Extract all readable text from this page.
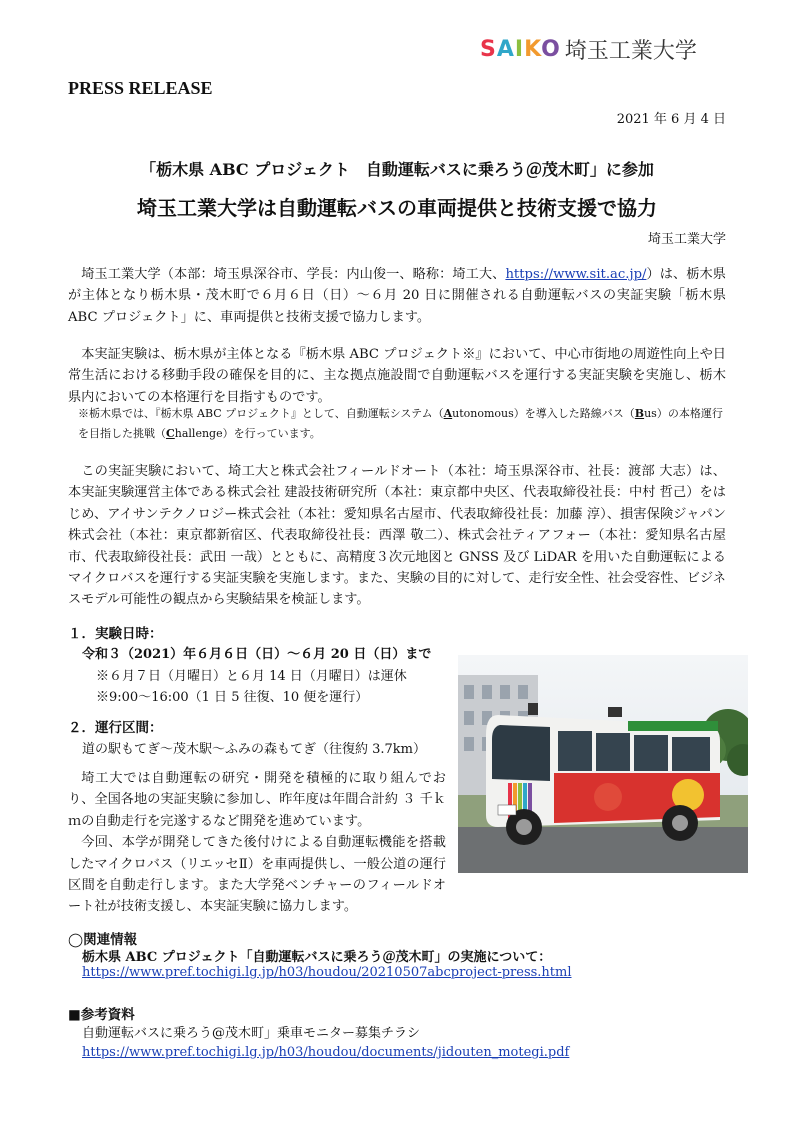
SAIKO 埼玉工業大学
PRESS RELEASE
2021 年 6 月 4 日
「栃木県 ABC プロジェクト　自動運転バスに乗ろう＠茂木町」に参加
埼玉工業大学は自動運転バスの車両提供と技術支援で協力
埼玉工業大学

埼玉工業大学（本部：埼玉県深谷市、学長：内山俊一、略称：埼工大、https://www.sit.ac.jp/）は、栃木県が主体となり栃木県・茂木町で６月６日（日）～６月 20 日に開催される自動運転バスの実証実験「栃木県 ABC プロジェクト」に、車両提供と技術支援で協力します。

本実証実験は、栃木県が主体となる『栃木県 ABC プロジェクト※』において、中心市街地の周遊性向上や日常生活における移動手段の確保を目的に、主な拠点施設間で自動運転バスを運行する実証実験を実施し、栃木県内においての本格運行を目指すものです。

※栃木県では、『栃木県 ABC プロジェクト』として、自動運転システム（Autonomous）を導入した路線バス（Bus）の本格運行を目指した挑戦（Challenge）を行っています。

この実証実験において、埼工大と株式会社フィールドオート（本社：埼玉県深谷市、社長：渡部 大志）は、本実証実験運営主体である株式会社 建設技術研究所（本社：東京都中央区、代表取締役社長：中村 哲己）をはじめ、アイサンテクノロジー株式会社（本社：愛知県名古屋市、代表取締役社長：加藤 淳）、損害保険ジャパン株式会社（本社：東京都新宿区、代表取締役社長：西澤 敬二）、株式会社ティアフォー（本社：愛知県名古屋市、代表取締役社長：武田 一哉）とともに、高精度３次元地図と GNSS 及び LiDAR を用いた自動運転によるマイクロバスを運行する実証実験を実施します。また、実験の目的に対して、走行安全性、社会受容性、ビジネスモデル可能性の観点から実験結果を検証します。

１．実験日時：
令和３（2021）年６月６日（日）～６月 20 日（日）まで
※６月７日（月曜日）と６月 14 日（月曜日）は運休
※9:00～16:00（1 日 5 往復、10 便を運行）
２．運行区間：
道の駅もてぎ～茂木駅～ふみの森もてぎ（往復約 3.7km）

埼工大では自動運転の研究・開発を積極的に取り組んでおり、全国各地の実証実験に参加し、昨年度は年間合計約 ３ 千ｋｍの自動走行を完遂するなど開発を進めています。

今回、本学が開発してきた後付けによる自動運転機能を搭載したマイクロバス（リエッセⅡ）を車両提供し、一般公道の運行区間を自動走行します。また大学発ベンチャーのフィールドオート社が技術支援し、本実証実験に協力します。

◯関連情報
栃木県 ABC プロジェクト「自動運転バスに乗ろう＠茂木町」の実施について：
https://www.pref.tochigi.lg.jp/h03/houdou/20210507abcproject-press.html
■参考資料
自動運転バスに乗ろう@茂木町」乗車モニター募集チラシ
https://www.pref.tochigi.lg.jp/h03/houdou/documents/jidouten_motegi.pdf
